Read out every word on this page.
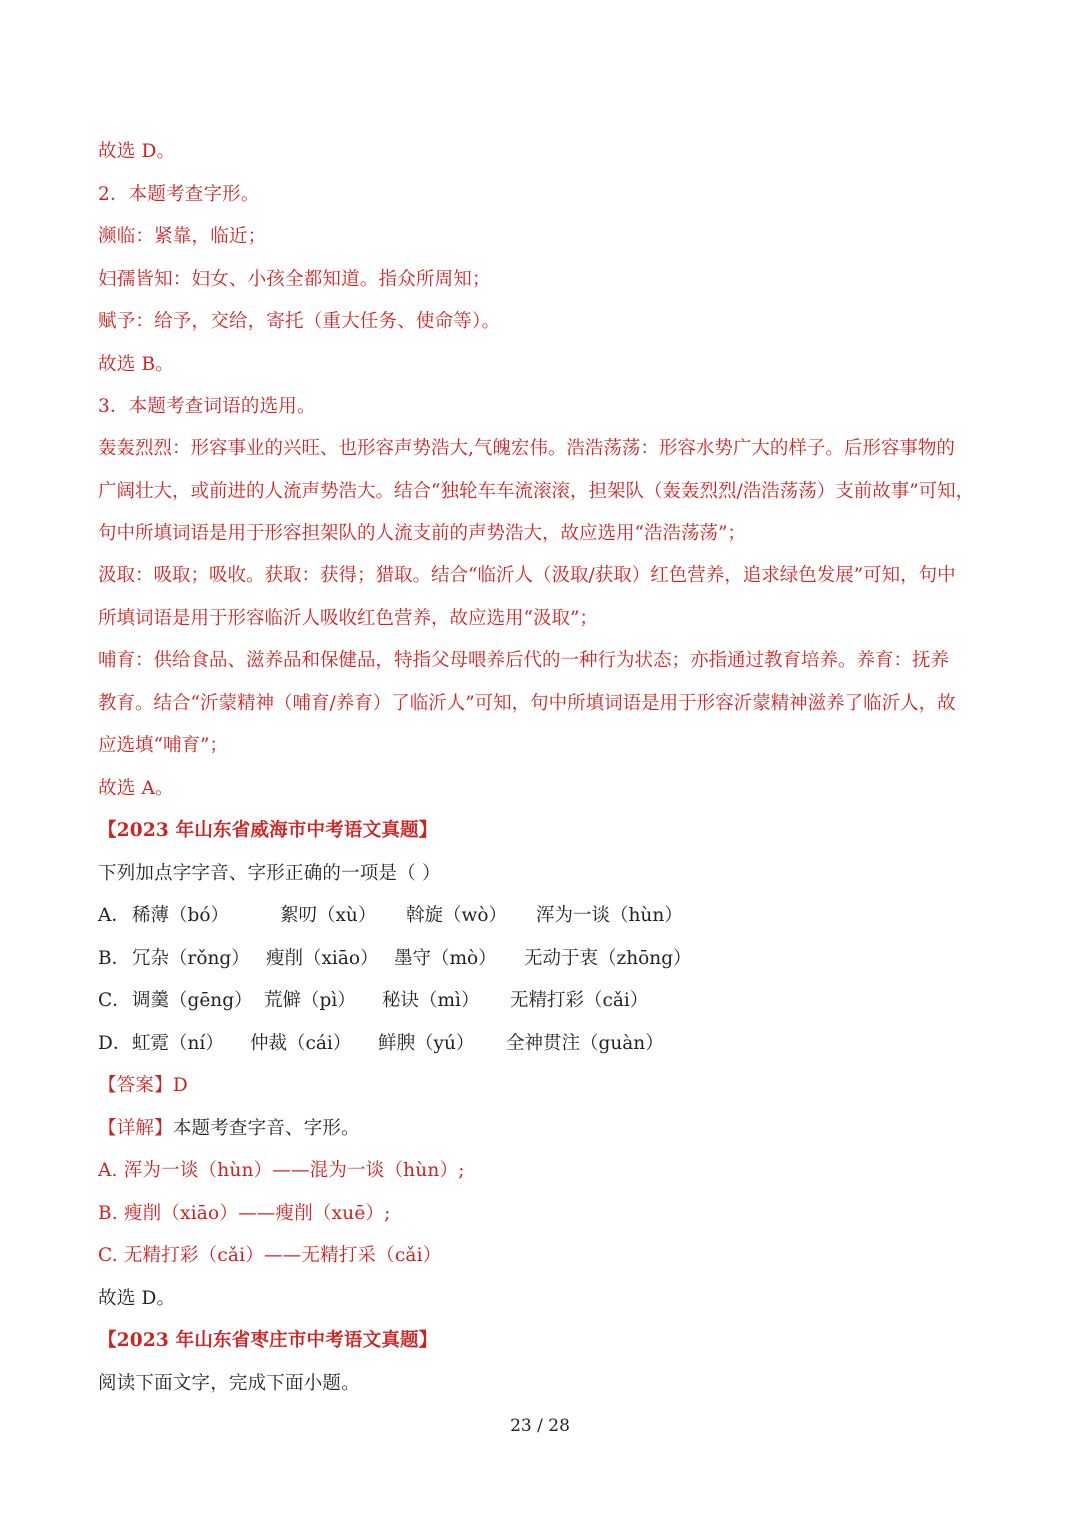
故选 D。

2．本题考查字形。

濒临：紧靠，临近；

妇孺皆知：妇女、小孩全都知道。指众所周知；

赋予：给予，交给，寄托（重大任务、使命等）。

故选 B。

3．本题考查词语的选用。

轰轰烈烈：形容事业的兴旺、也形容声势浩大,气魄宏伟。浩浩荡荡：形容水势广大的样子。后形容事物的
广阔壮大，或前进的人流声势浩大。结合“独轮车车流滚滚，担架队（轰轰烈烈/浩浩荡荡）支前故事”可知，
句中所填词语是用于形容担架队的人流支前的声势浩大，故应选用“浩浩荡荡”；
汲取：吸取；吸收。获取：获得；猎取。结合“临沂人（汲取/获取）红色营养，追求绿色发展”可知，句中
所填词语是用于形容临沂人吸收红色营养，故应选用“汲取”；
哺育：供给食品、滋养品和保健品，特指父母喂养后代的一种行为状态；亦指通过教育培养。养育：抚养
教育。结合“沂蒙精神（哺育/养育）了临沂人”可知，句中所填词语是用于形容沂蒙精神滋养了临沂人，故
应选填“哺育”；

故选 A。

【2023 年山东省威海市中考语文真题】

下列加点字字音、字形正确的一项是（ ）

A． 稀薄（bó）	絮叨（xù） 斡旋（wò） 浑为一谈（hùn）
B． 冗杂（rǒng） 瘦削（xiāo） 墨守（mò） 无动于衷（zhōng）
C．调羹（gēng） 荒僻（pì） 秘诀（mì） 无精打彩（cǎi）
D．虹霓（ní） 仲裁（cái） 鲜腴（yú） 全神贯注（guàn）

【答案】D

【详解】本题考查字音、字形。

A. 浑为一谈（hùn）——混为一谈（hùn）;

B. 瘦削（xiāo）——瘦削（xuē）;

C. 无精打彩（cǎi）——无精打采（cǎi）

故选 D。

【2023 年山东省枣庄市中考语文真题】

阅读下面文字，完成下面小题。

23 / 28
